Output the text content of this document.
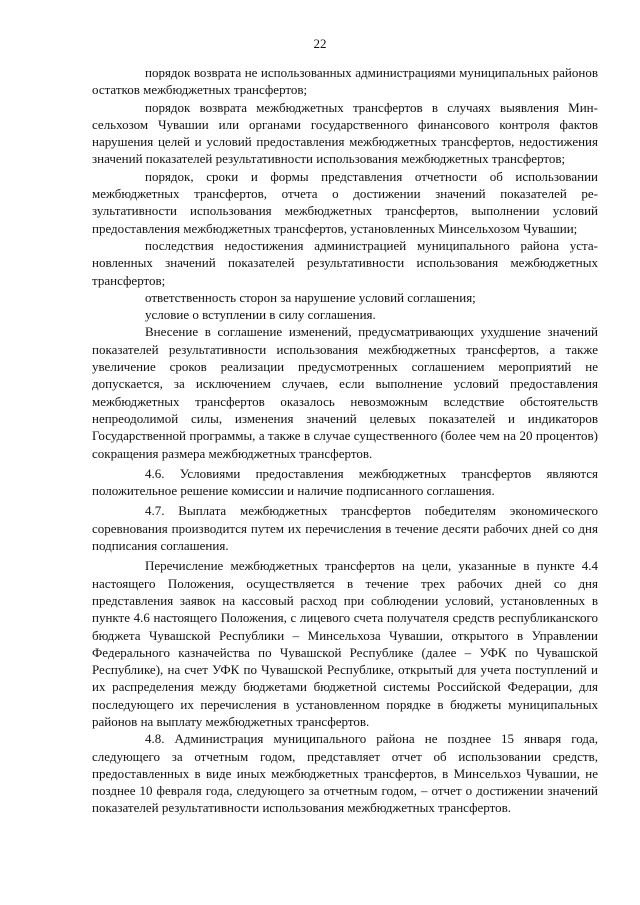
22

порядок возврата не использованных администрациями муниципальных районов остатков межбюджетных трансфертов;

порядок возврата межбюджетных трансфертов в случаях выявления Минсельхозом Чувашии или органами государственного финансового контроля фактов нарушения целей и условий предоставления межбюджетных трансфертов, недостижения значений показателей результативности использования межбюджетных трансфертов;

порядок, сроки и формы представления отчетности об использовании межбюджетных трансфертов, отчета о достижении значений показателей результативности использования межбюджетных трансфертов, выполнении условий предоставления межбюджетных трансфертов, установленных Минсельхозом Чувашии;

последствия недостижения администрацией муниципального района установленных значений показателей результативности использования межбюджетных трансфертов;

ответственность сторон за нарушение условий соглашения;

условие о вступлении в силу соглашения.

Внесение в соглашение изменений, предусматривающих ухудшение значений показателей результативности использования межбюджетных трансфертов, а также увеличение сроков реализации предусмотренных соглашением мероприятий не допускается, за исключением случаев, если выполнение условий предоставления межбюджетных трансфертов оказалось невозможным вследствие обстоятельств непреодолимой силы, изменения значений целевых показателей и индикаторов Государственной программы, а также в случае существенного (более чем на 20 процентов) сокращения размера межбюджетных трансфертов.

4.6. Условиями предоставления межбюджетных трансфертов являются положительное решение комиссии и наличие подписанного соглашения.

4.7. Выплата межбюджетных трансфертов победителям экономического соревнования производится путем их перечисления в течение десяти рабочих дней со дня подписания соглашения.

Перечисление межбюджетных трансфертов на цели, указанные в пункте 4.4 настоящего Положения, осуществляется в течение трех рабочих дней со дня представления заявок на кассовый расход при соблюдении условий, установленных в пункте 4.6 настоящего Положения, с лицевого счета получателя средств республиканского бюджета Чувашской Республики – Минсельхоза Чувашии, открытого в Управлении Федерального казначейства по Чувашской Республике (далее – УФК по Чувашской Республике), на счет УФК по Чувашской Республике, открытый для учета поступлений и их распределения между бюджетами бюджетной системы Российской Федерации, для последующего их перечисления в установленном порядке в бюджеты муниципальных районов на выплату межбюджетных трансфертов.

4.8. Администрация муниципального района не позднее 15 января года, следующего за отчетным годом, представляет отчет об использовании средств, предоставленных в виде иных межбюджетных трансфертов, в Минсельхоз Чувашии, не позднее 10 февраля года, следующего за отчетным годом, – отчет о достижении значений показателей результативности использования межбюджетных трансфертов.
